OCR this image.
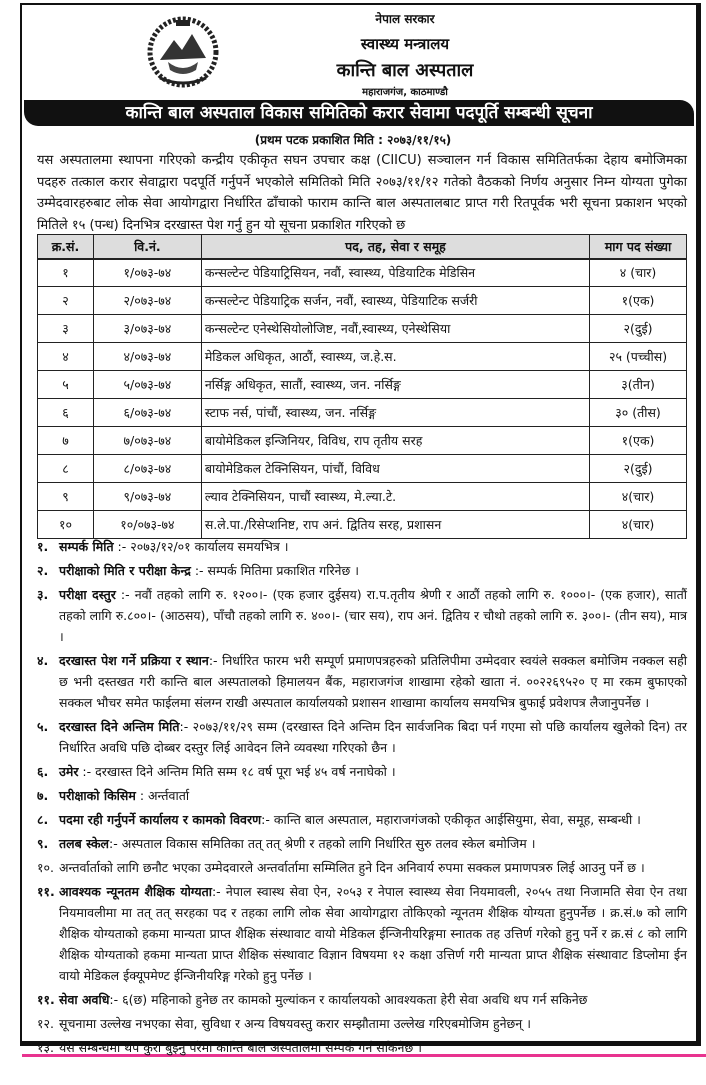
नेपाल सरकार
स्वास्थ्य मन्त्रालय
कान्ति बाल अस्पताल
महाराजगंज, काठमाण्डौ
कान्ति बाल अस्पताल विकास समितिको करार सेवामा पदपूर्ति सम्बन्धी सूचना
(प्रथम पटक प्रकाशित मिति : २०७३/११/१५)
यस अस्पतालमा स्थापना गरिएको कन्द्रीय एकीकृत सघन उपचार कक्ष (CIICU) सञ्चालन गर्न विकास समितितर्फका देहाय बमोजिमका पदहरु तत्काल करार सेवाद्वारा पदपूर्ति गर्नुपर्ने भएकोले समितिको मिति २०७३/११/१२ गतेको वैठकको निर्णय अनुसार निम्न योग्यता पुगेका उम्मेदवारहरुबाट लोक सेवा आयोगद्वारा निर्धारित ढाँचाको फाराम कान्ति बाल अस्पतालबाट प्राप्त गरी रितपूर्वक भरी सूचना प्रकाशन भएको मितिले १५ (पन्ध) दिनभित्र दरखास्त पेश गर्नु हुन यो सूचना प्रकाशित गरिएको छ
क्र.सं.	वि.नं.	पद, तह, सेवा र समूह	माग पद संख्या
१	१/०७३-७४	कन्सल्टेन्ट पेडियाट्रिसियन, नवौं, स्वास्थ्य, पेडियाटिक मेडिसिन	४ (चार)
२	२/०७३-७४	कन्सल्टेन्ट पेडियाट्रिक सर्जन, नवौं, स्वास्थ्य, पेडियाटिक सर्जरी	१(एक)
३	३/०७३-७४	कन्सल्टेन्ट एनेस्थेसियोलोजिष्ट, नवौं,स्वास्थ्य, एनेस्थेसिया	२(दुई)
४	४/०७३-७४	मेडिकल अधिकृत, आठौं, स्वास्थ्य, ज.हे.स.	२५ (पच्चीस)
५	५/०७३-७४	नर्सिङ्ग अधिकृत, सातौं, स्वास्थ्य, जन. नर्सिङ्ग	३(तीन)
६	६/०७३-७४	स्टाफ नर्स, पांचौं, स्वास्थ्य, जन. नर्सिङ्ग	३० (तीस)
७	७/०७३-७४	बायोमेडिकल इन्जिनियर, विविध, राप तृतीय सरह	१(एक)
८	८/०७३-७४	बायोमेडिकल टेक्निसियन, पांचौं, विविध	२(दुई)
९	९/०७३-७४	ल्याव टेक्निसियन, पाचौं स्वास्थ्य, मे.ल्या.टे.	४(चार)
१०	१०/०७३-७४	स.ले.पा./रिसेप्शनिष्ट, राप अनं. द्वितिय सरह, प्रशासन	४(चार)
१. सम्पर्क मिति :- २०७३/१२/०१ कार्यालय समयभित्र ।
२. परीक्षाको मिति र परीक्षा केन्द्र :- सम्पर्क मितिमा प्रकाशित गरिनेछ ।
३. परीक्षा दस्तुर :- नवौं तहको लागि रु. १२००।- (एक हजार दुईसय) रा.प.तृतीय श्रेणी र आठौं तहको लागि रु. १०००।- (एक हजार), सातौं तहको लागि रु.८००।- (आठसय), पाँचौ तहको लागि रु. ४००।- (चार सय), राप अनं. द्वितिय र चौथो तहको लागि रु. ३००।- (तीन सय), मात्र ।
४. दरखास्त पेश गर्ने प्रक्रिया र स्थान:- निर्धारित फारम भरी सम्पूर्ण प्रमाणपत्रहरुको प्रतिलिपीमा उम्मेदवार स्वयंले सक्कल बमोजिम नक्कल सही छ भनी दस्तखत गरी कान्ति बाल अस्पतालको हिमालयन बैंक, महाराजगंज शाखामा रहेको खाता नं. ००२२६९५२० ए मा रकम बुफाएको सक्कल भौचर समेत फाईलमा संलग्न राखी अस्पताल कार्यालयको प्रशासन शाखामा कार्यालय समयभित्र बुफाई प्रवेशपत्र लैजानुपर्नेछ ।
५. दरखास्त दिने अन्तिम मिति:- २०७३/११/२९ सम्म (दरखास्त दिने अन्तिम दिन सार्वजनिक बिदा पर्न गएमा सो पछि कार्यालय खुलेको दिन) तर निर्धारित अवधि पछि दोब्बर दस्तुर लिई आवेदन लिने व्यवस्था गरिएको छैन ।
६. उमेर :- दरखास्त दिने अन्तिम मिति सम्म १८ वर्ष पूरा भई ४५ वर्ष ननाघेको ।
७. परीक्षाको किसिम : अर्न्तवार्ता
८. पदमा रही गर्नुपर्ने कार्यालय र कामको विवरण:- कान्ति बाल अस्पताल, महाराजगंजको एकीकृत आईसियुमा, सेवा, समूह, सम्बन्धी ।
९. तलब स्केल:- अस्पताल विकास समितिका तत् तत् श्रेणी र तहको लागि निर्धारित सुरु तलव स्केल बमोजिम ।
१०. अन्तर्वार्ताको लागि छनौट भएका उम्मेदवारले अन्तर्वार्तामा सम्मिलित हुने दिन अनिवार्य रुपमा सक्कल प्रमाणपत्ररु लिई आउनु पर्ने छ ।
११. आवश्यक न्यूनतम शैक्षिक योग्यता:- नेपाल स्वास्थ सेवा ऐन, २०५३ र नेपाल स्वास्थ्य सेवा नियमावली, २०५५ तथा निजामति सेवा ऐन तथा नियमावलीमा मा तत् तत् सरहका पद र तहका लागि लोक सेवा आयोगद्वारा तोकिएको न्यूनतम शैक्षिक योग्यता हुनुपर्नेछ । क्र.सं.७ को लागि शैक्षिक योग्यताको हकमा मान्यता प्राप्त शैक्षिक संस्थावाट वायो मेडिकल ईन्जिनीयरिङ्गमा स्नातक तह उत्तिर्ण गरेको हुनु पर्ने र क्र.सं ८ को लागि शैक्षिक योग्यताको हकमा मान्यता प्राप्त शैक्षिक संस्थावाट विज्ञान विषयमा १२ कक्षा उत्तिर्ण गरी मान्यता प्राप्त शैक्षिक संस्थावाट डिप्लोमा ईन वायो मेडिकल ईक्यूपमेण्ट ईन्जिनीयरिङ्ग गरेको हुनु पर्नेछ ।
११. सेवा अवधि:- ६(छ) महिनाको हुनेछ तर कामको मुल्यांकन र कार्यालयको आवश्यकता हेरी सेवा अवधि थप गर्न सकिनेछ
१२. सूचनामा उल्लेख नभएका सेवा, सुविधा र अन्य विषयवस्तु करार सम्झौतामा उल्लेख गरिएबमोजिम हुनेछन् ।
१३. यस सम्बन्धमा थप कुरा बुझ्नु परेमा कान्ति बाल अस्पतालमा सम्पर्क गर्न सकिनेछ ।
